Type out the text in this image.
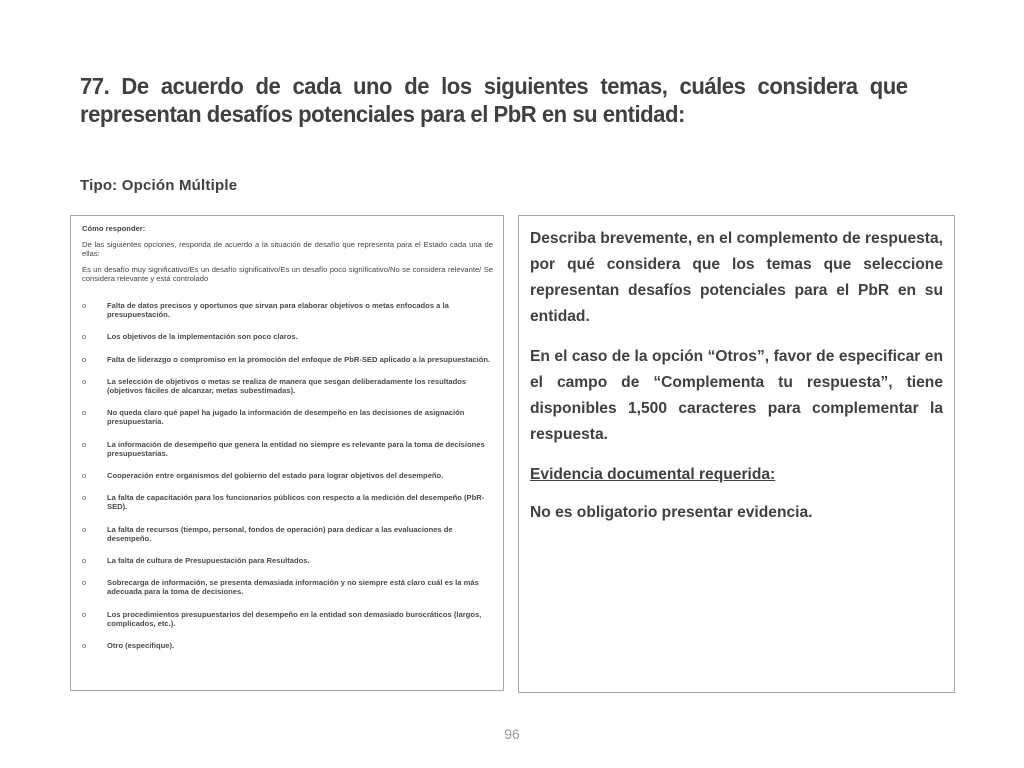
77. De acuerdo de cada uno de los siguientes temas, cuáles considera que representan desafíos potenciales para el PbR en su entidad:
Tipo: Opción Múltiple
Cómo responder:

De las siguientes opciones, responda de acuerdo a la situación de desafío que representa para el Estado cada una de ellas:

Es un desafío muy significativo/Es un desafío significativo/Es un desafío poco significativo/No se considera relevante/ Se considera relevante y está controlado

o	Falta de datos precisos y oportunos que sirvan para elaborar objetivos o metas enfocados a la presupuestación.
o	Los objetivos de la implementación son poco claros.
o	Falta de liderazgo o compromiso en la promoción del enfoque de PbR-SED aplicado a la presupuestación.
o	La selección de objetivos o metas se realiza de manera que sesgan deliberadamente los resultados (objetivos fáciles de alcanzar, metas subestimadas).
o	No queda claro qué papel ha jugado la información de desempeño en las decisiones de asignación presupuestaria.
o	La información de desempeño que genera la entidad no siempre es relevante para la toma de decisiones presupuestarias.
o	Cooperación entre organismos del gobierno del estado para lograr objetivos del desempeño.
o	La falta de capacitación para los funcionarios públicos con respecto a la medición del desempeño (PbR-SED).
o	La falta de recursos (tiempo, personal, fondos de operación) para dedicar a las evaluaciones de desempeño.
o	La falta de cultura de Presupuestación para Resultados.
o	Sobrecarga de información, se presenta demasiada información y no siempre está claro cuál es la más adecuada para la toma de decisiones.
o	Los procedimientos presupuestarios del desempeño en la entidad son demasiado burocráticos (largos, complicados, etc.).
o	Otro (especifique).

Describa brevemente, en el complemento de respuesta, por qué considera que los temas que seleccione representan desafíos potenciales para el PbR en su entidad.

En el caso de la opción “Otros”, favor de especificar en el campo de “Complementa tu respuesta”, tiene disponibles 1,500 caracteres para complementar la respuesta.

Evidencia documental requerida:

No es obligatorio presentar evidencia.

96
